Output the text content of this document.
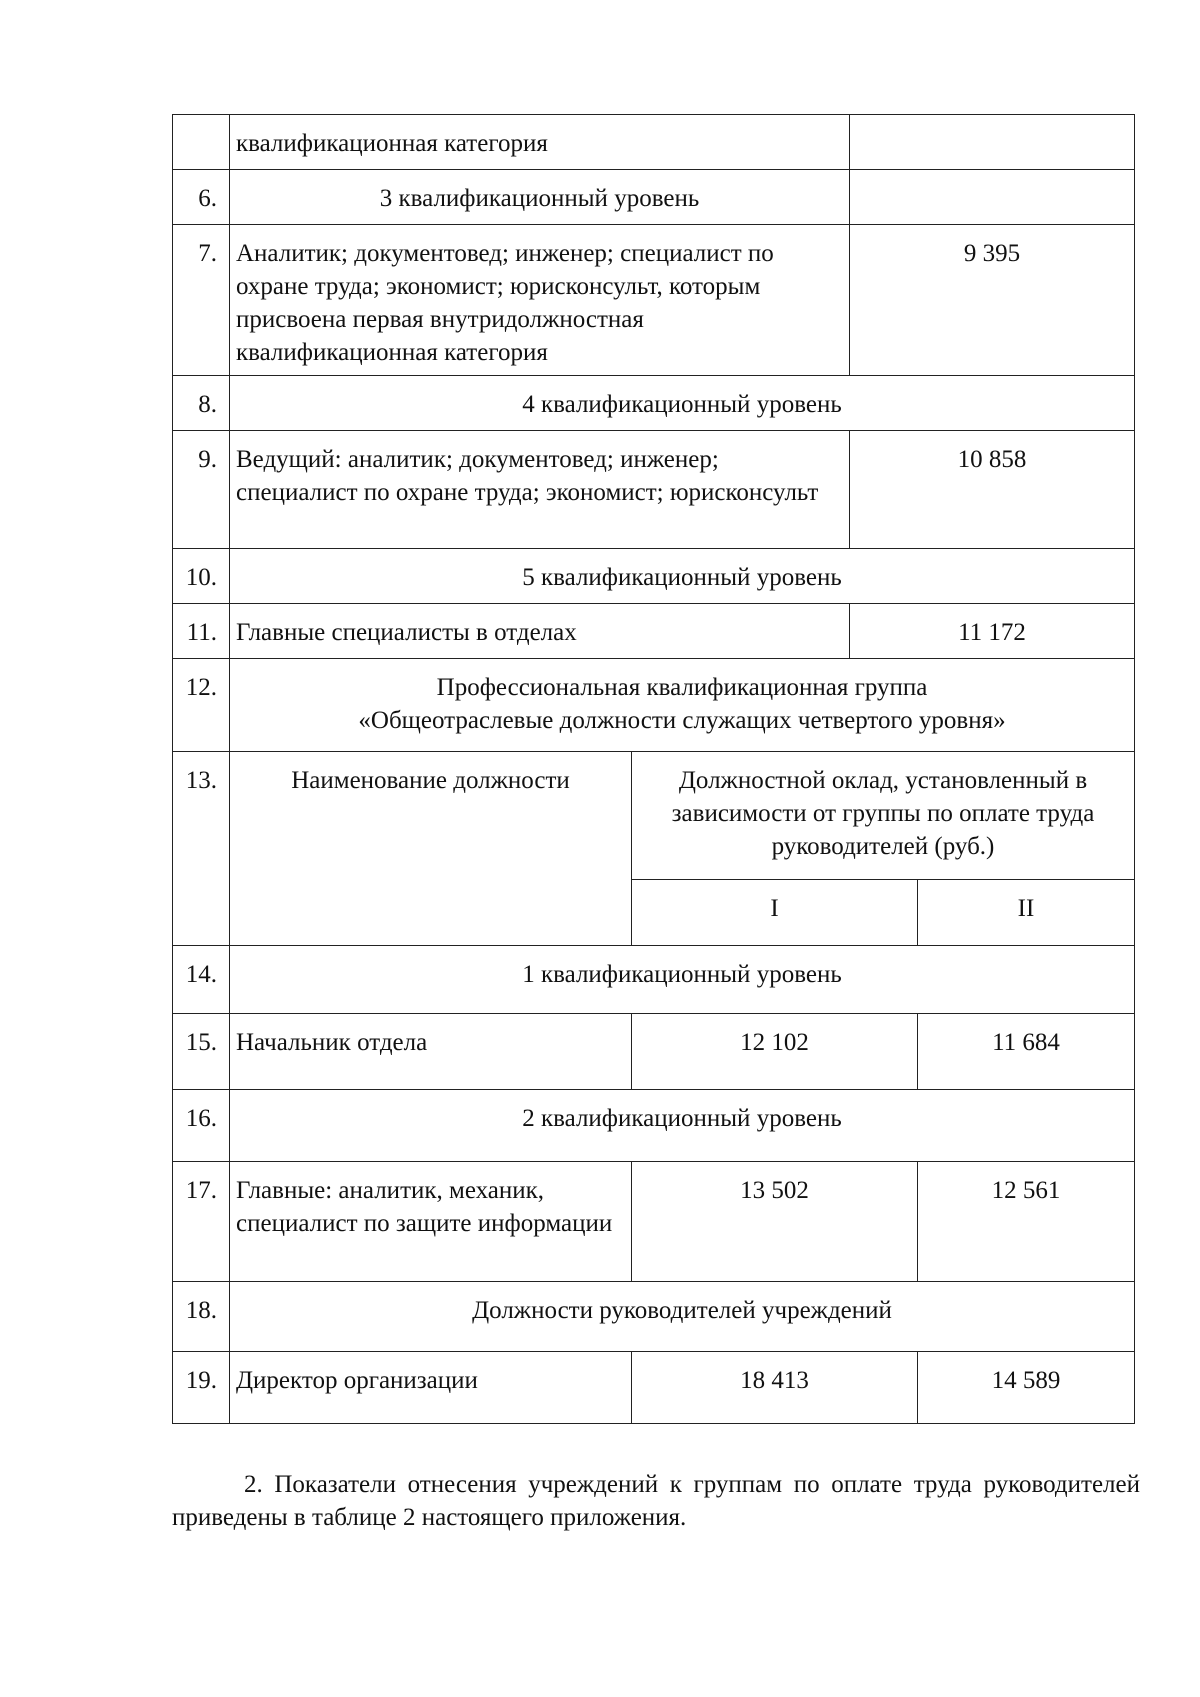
	квалификационная категория			
6.	3 квалификационный уровень			
7.	Аналитик; документовед; инженер; специалист по охране труда; экономист; юрисконсульт, которым присвоена первая внутридолжностная квалификационная категория		9 395	
8.	4 квалификационный уровень			
9.	Ведущий: аналитик; документовед; инженер; специалист по охране труда; экономист; юрисконсульт		10 858	
10.	5 квалификационный уровень			
11.	Главные специалисты в отделах		11 172	
12.	Профессиональная квалификационная группа
«Общеотраслевые должности служащих четвертого уровня»			

13.	Наименование должности	Должностной оклад, установленный в зависимости от группы по оплате труда руководителей (руб.)		
		I		II
14.	1 квалификационный уровень			
15.	Начальник отдела	12 102		11 684
16.	2 квалификационный уровень			
17.	Главные: аналитик, механик, специалист по защите информации	13 502		12 561
18.	Должности руководителей учреждений			
19.	Директор организации	18 413		14 589

2. Показатели отнесения учреждений к группам по оплате труда руководителей приведены в таблице 2 настоящего приложения.
